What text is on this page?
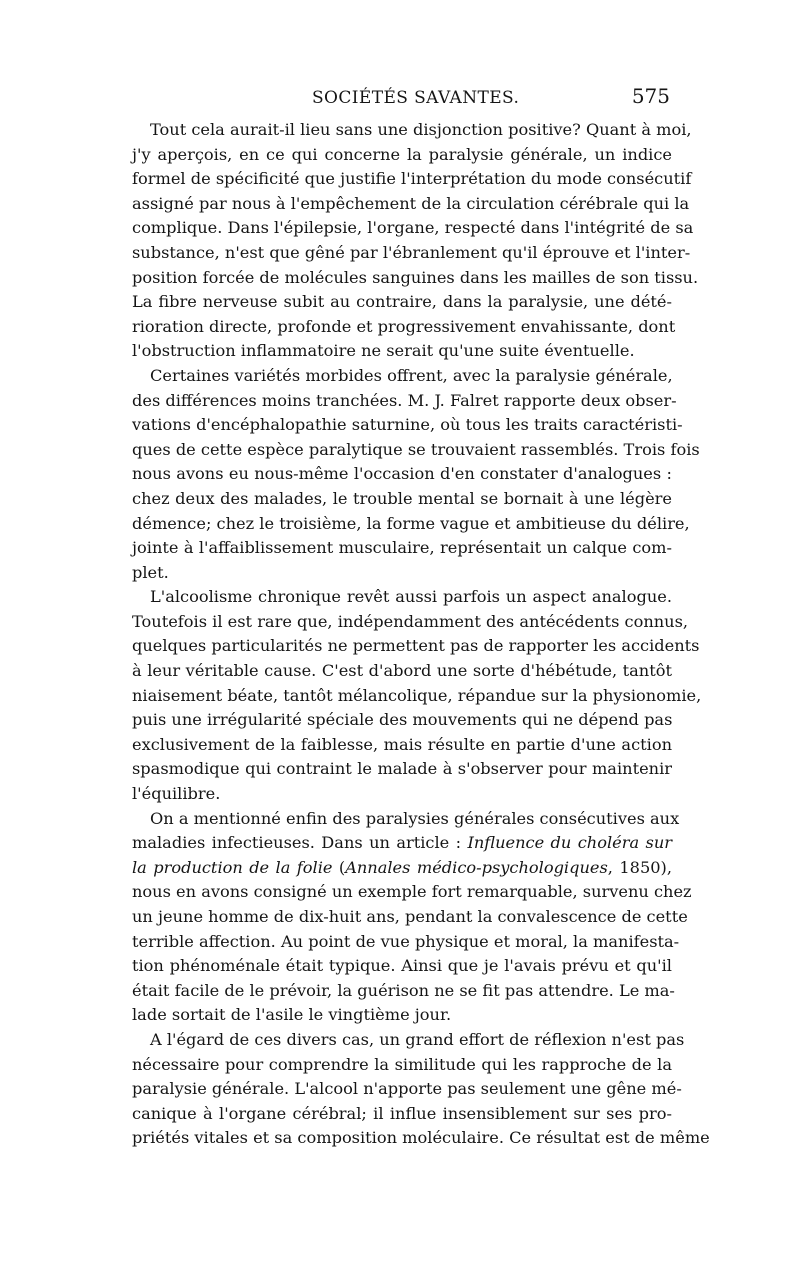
SOCIÉTÉS SAVANTES.	575
Tout cela aurait-il lieu sans une disjonction positive? Quant à moi,
j'y aperçois, en ce qui concerne la paralysie générale, un indice
formel de spécificité que justifie l'interprétation du mode consécutif
assigné par nous à l'empêchement de la circulation cérébrale qui la
complique. Dans l'épilepsie, l'organe, respecté dans l'intégrité de sa
substance, n'est que gêné par l'ébranlement qu'il éprouve et l'inter-
position forcée de molécules sanguines dans les mailles de son tissu.
La fibre nerveuse subit au contraire, dans la paralysie, une dété-
rioration directe, profonde et progressivement envahissante, dont
l'obstruction inflammatoire ne serait qu'une suite éventuelle.
Certaines variétés morbides offrent, avec la paralysie générale,
des différences moins tranchées. M. J. Falret rapporte deux obser-
vations d'encéphalopathie saturnine, où tous les traits caractéristi-
ques de cette espèce paralytique se trouvaient rassemblés. Trois fois
nous avons eu nous-même l'occasion d'en constater d'analogues :
chez deux des malades, le trouble mental se bornait à une légère
démence; chez le troisième, la forme vague et ambitieuse du délire,
jointe à l'affaiblissement musculaire, représentait un calque com-
plet.
L'alcoolisme chronique revêt aussi parfois un aspect analogue.
Toutefois il est rare que, indépendamment des antécédents connus,
quelques particularités ne permettent pas de rapporter les accidents
à leur véritable cause. C'est d'abord une sorte d'hébétude, tantôt
niaisement béate, tantôt mélancolique, répandue sur la physionomie,
puis une irrégularité spéciale des mouvements qui ne dépend pas
exclusivement de la faiblesse, mais résulte en partie d'une action
spasmodique qui contraint le malade à s'observer pour maintenir
l'équilibre.
On a mentionné enfin des paralysies générales consécutives aux
maladies infectieuses. Dans un article : Influence du choléra sur
la production de la folie (Annales médico-psychologiques, 1850),
nous en avons consigné un exemple fort remarquable, survenu chez
un jeune homme de dix-huit ans, pendant la convalescence de cette
terrible affection. Au point de vue physique et moral, la manifesta-
tion phénoménale était typique. Ainsi que je l'avais prévu et qu'il
était facile de le prévoir, la guérison ne se fit pas attendre. Le ma-
lade sortait de l'asile le vingtième jour.
A l'égard de ces divers cas, un grand effort de réflexion n'est pas
nécessaire pour comprendre la similitude qui les rapproche de la
paralysie générale. L'alcool n'apporte pas seulement une gêne mé-
canique à l'organe cérébral; il influe insensiblement sur ses pro-
priétés vitales et sa composition moléculaire. Ce résultat est de même
